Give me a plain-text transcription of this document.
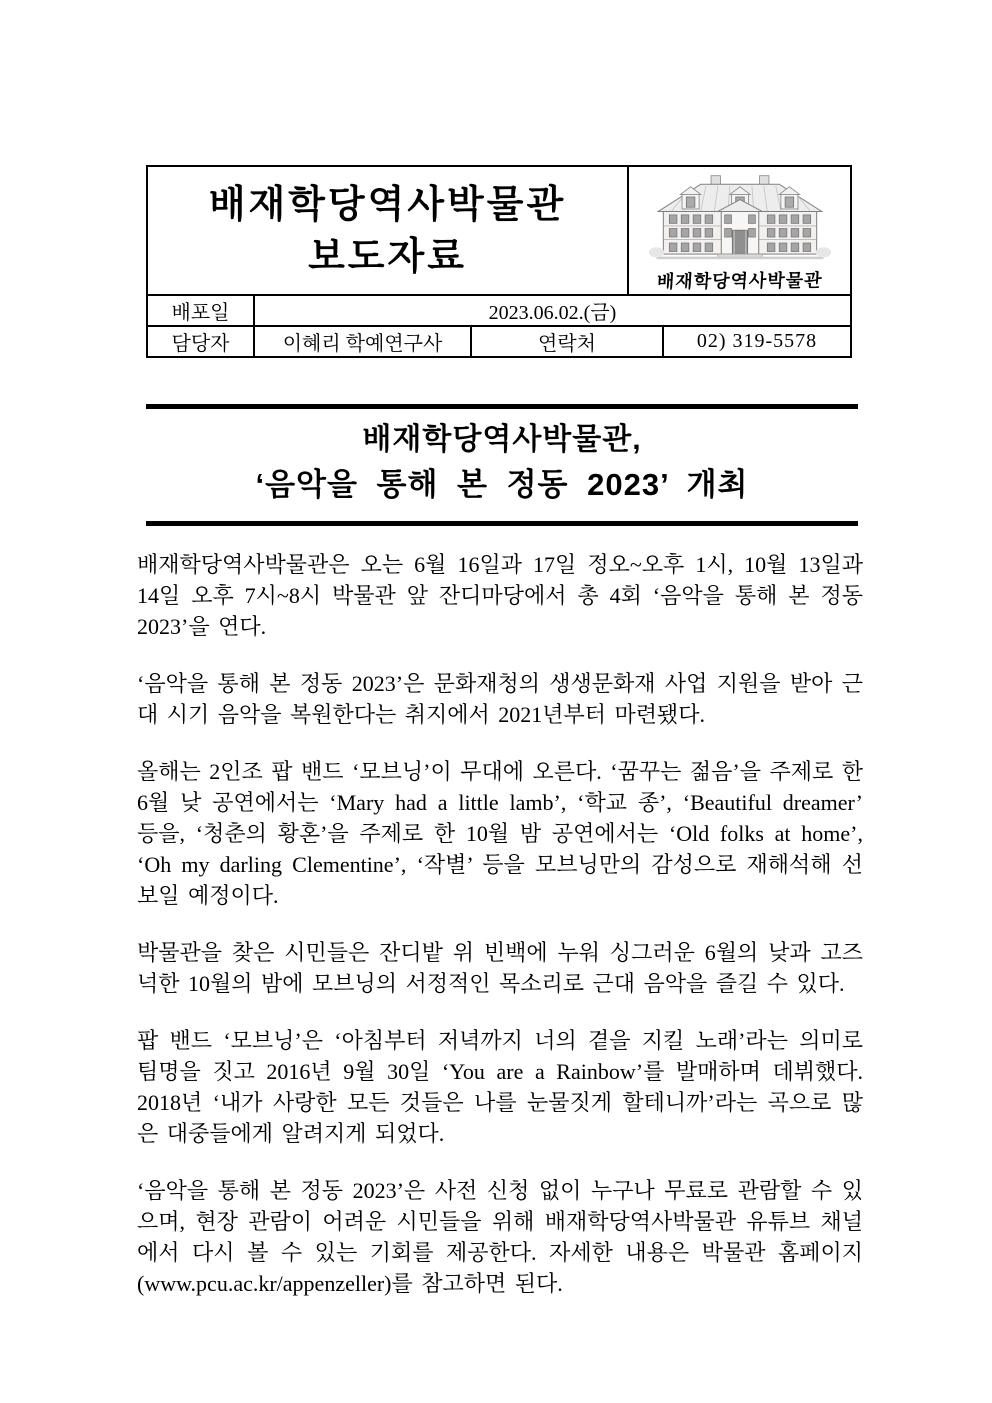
배재학당역사박물관
보도자료
배재학당역사박물관
배포일	2023.06.02.(금)
담당자	이혜리 학예연구사	연락처	02) 319-5578
배재학당역사박물관,
‘음악을 통해 본 정동 2023’ 개최

배재학당역사박물관은 오는 6월 16일과 17일 정오~오후 1시, 10월 13일과 14일 오후 7시~8시 박물관 앞 잔디마당에서 총 4회 ‘음악을 통해 본 정동 2023’을 연다.

‘음악을 통해 본 정동 2023’은 문화재청의 생생문화재 사업 지원을 받아 근대 시기 음악을 복원한다는 취지에서 2021년부터 마련됐다.

올해는 2인조 팝 밴드 ‘모브닝’이 무대에 오른다. ‘꿈꾸는 젊음’을 주제로 한 6월 낮 공연에서는 ‘Mary had a little lamb’, ‘학교 종’, ‘Beautiful dreamer’ 등을, ‘청춘의 황혼’을 주제로 한 10월 밤 공연에서는 ‘Old folks at home’, ‘Oh my darling Clementine’, ‘작별’ 등을 모브닝만의 감성으로 재해석해 선보일 예정이다.

박물관을 찾은 시민들은 잔디밭 위 빈백에 누워 싱그러운 6월의 낮과 고즈넉한 10월의 밤에 모브닝의 서정적인 목소리로 근대 음악을 즐길 수 있다.

팝 밴드 ‘모브닝’은 ‘아침부터 저녁까지 너의 곁을 지킬 노래’라는 의미로 팀명을 짓고 2016년 9월 30일 ‘You are a Rainbow’를 발매하며 데뷔했다. 2018년 ‘내가 사랑한 모든 것들은 나를 눈물짓게 할테니까’라는 곡으로 많은 대중들에게 알려지게 되었다.

‘음악을 통해 본 정동 2023’은 사전 신청 없이 누구나 무료로 관람할 수 있으며, 현장 관람이 어려운 시민들을 위해 배재학당역사박물관 유튜브 채널에서 다시 볼 수 있는 기회를 제공한다. 자세한 내용은 박물관 홈페이지(www.pcu.ac.kr/appenzeller)를 참고하면 된다.
